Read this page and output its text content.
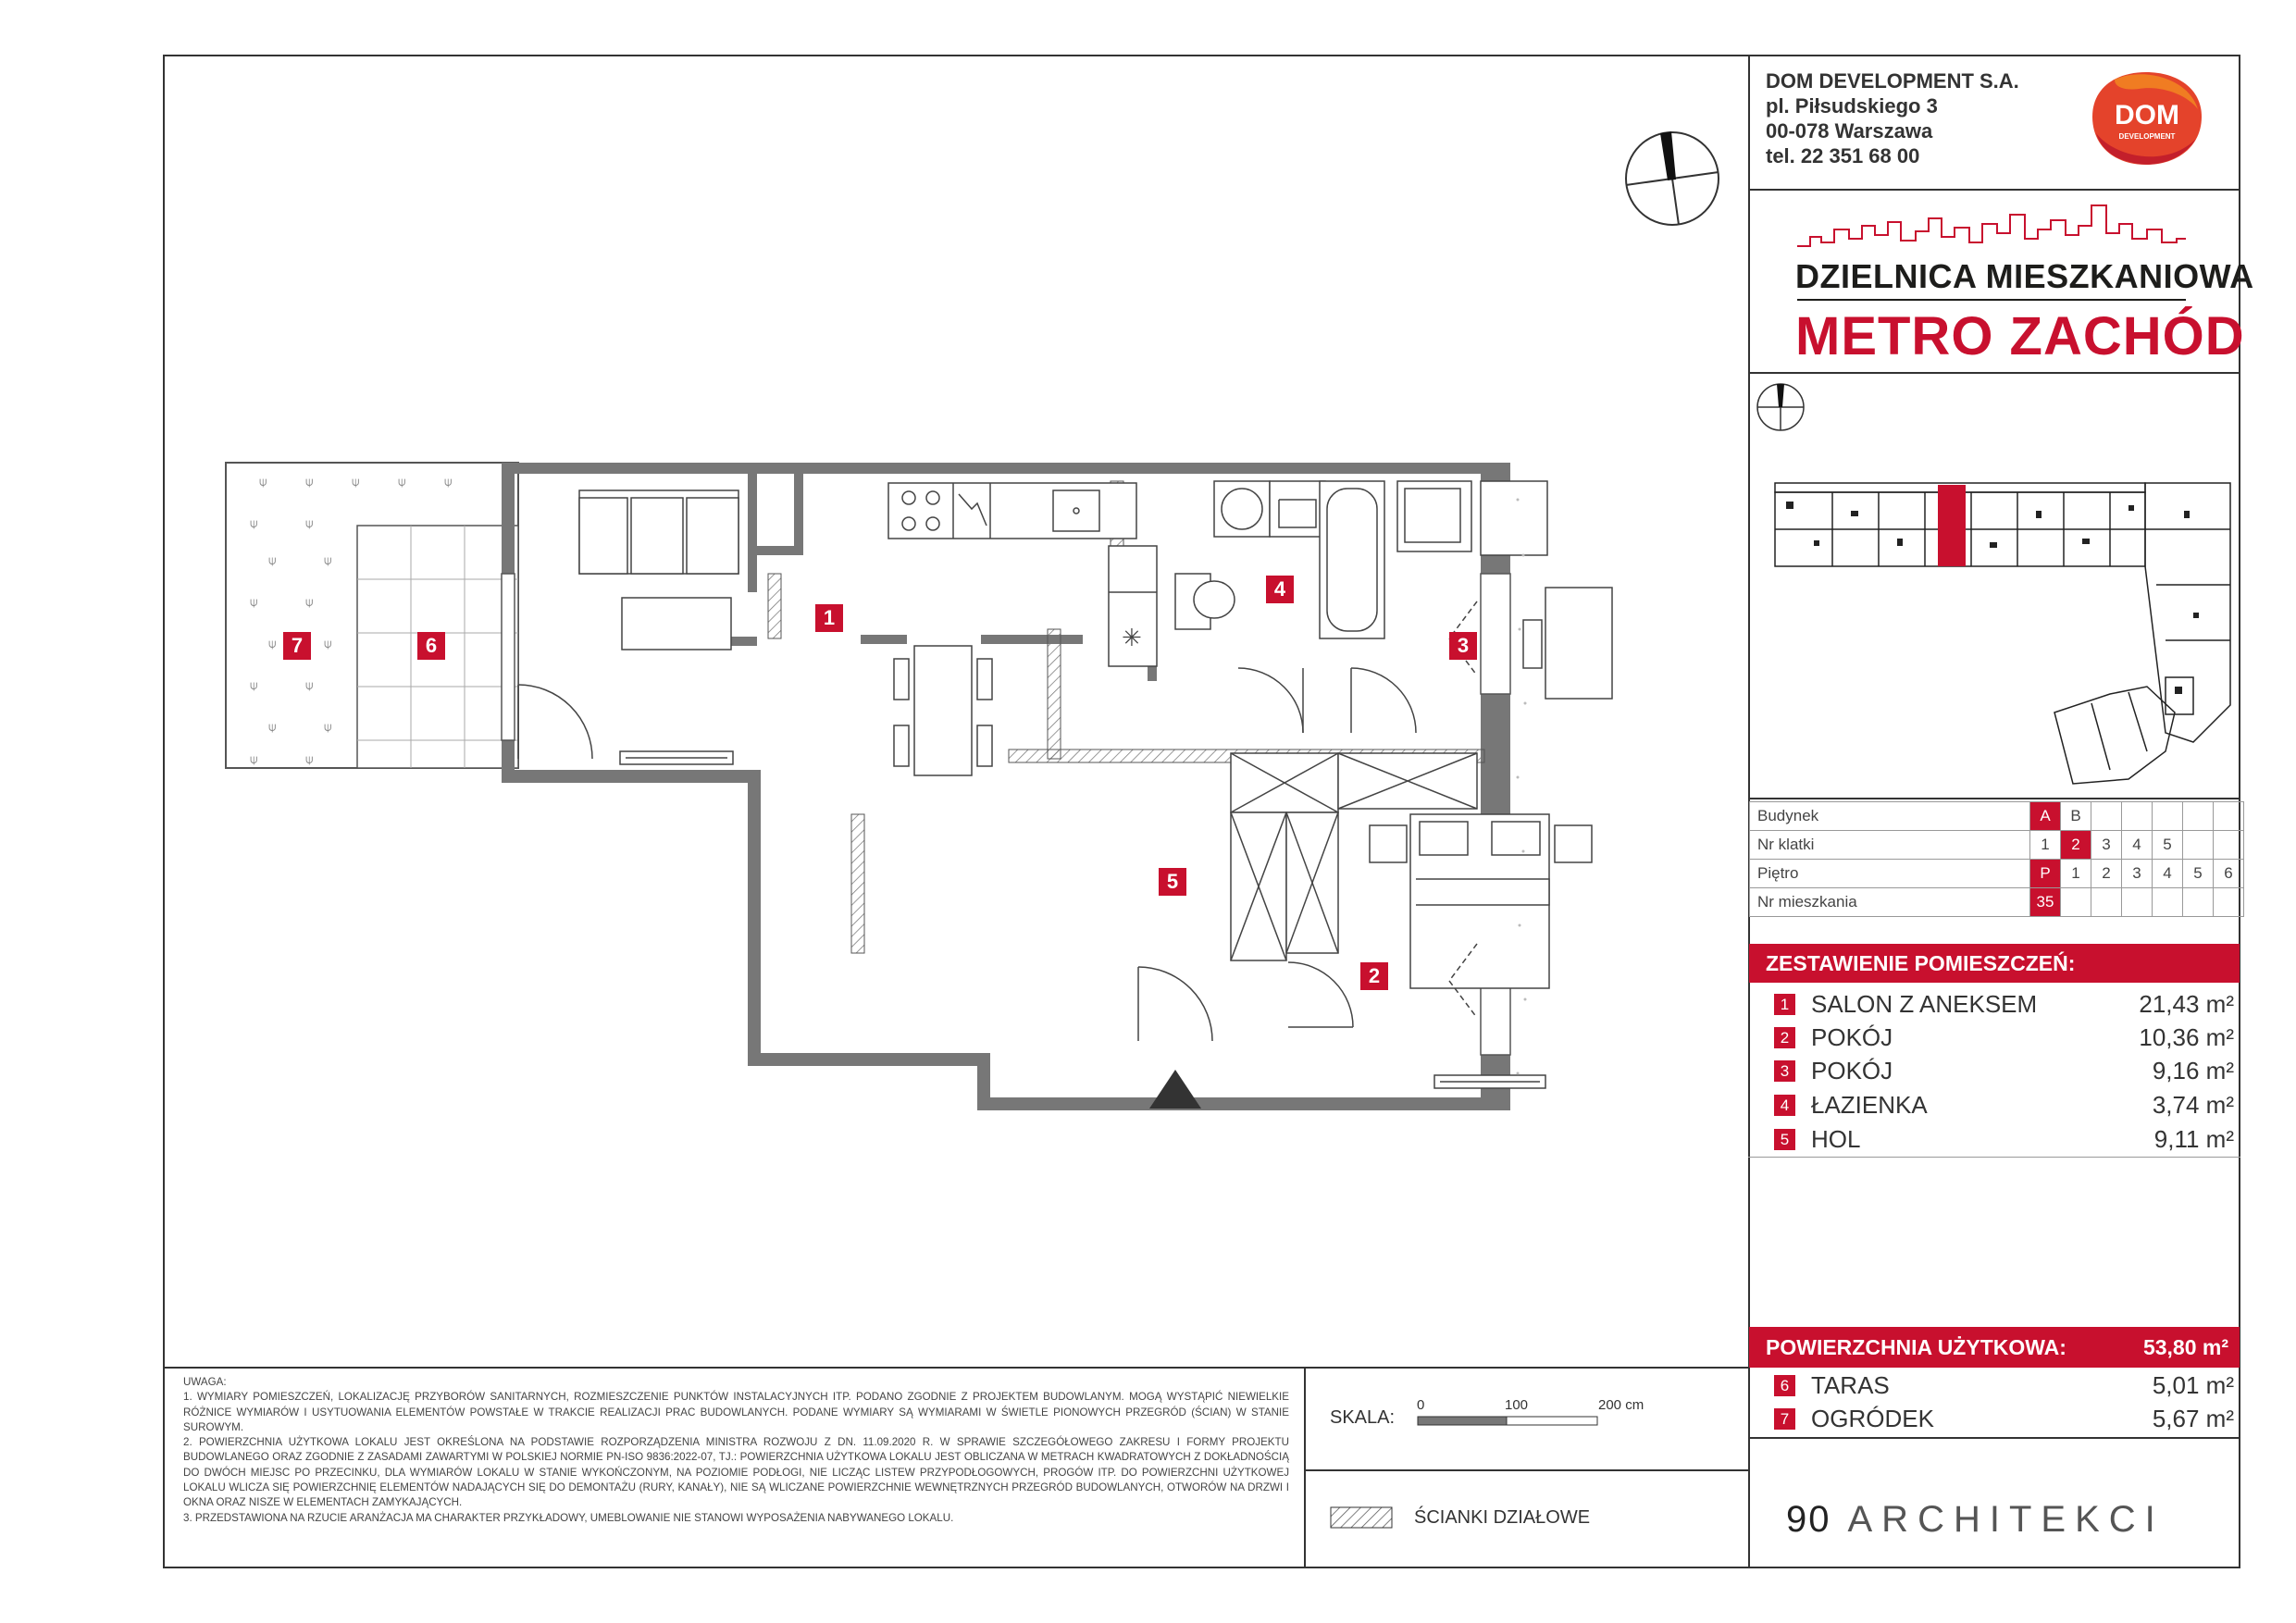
DOM DEVELOPMENT S.A.
pl. Piłsudskiego 3
00-078 Warszawa
tel. 22 351 68 00
DOM
DEVELOPMENT
DZIELNICA MIESZKANIOWA
METRO ZACHÓD
Budynek	A	B					
Nr klatki	1	2	3	4	5		
Piętro	P	1	2	3	4	5	6
Nr mieszkania	35						
ZESTAWIENIE POMIESZCZEŃ:
1 SALON Z ANEKSEM	21,43 m²
2 POKÓJ	10,36 m²
3 POKÓJ	9,16 m²
4 ŁAZIENKA	3,74 m²
5 HOL	9,11 m²
POWIERZCHNIA UŻYTKOWA:	53,80 m²
6 TARAS	5,01 m²
7 OGRÓDEK	5,67 m²
UWAGA:
1. WYMIARY POMIESZCZEŃ, LOKALIZACJĘ PRZYBORÓW SANITARNYCH, ROZMIESZCZENIE PUNKTÓW INSTALACYJNYCH ITP. PODANO ZGODNIE Z PROJEKTEM BUDOWLANYM. MOGĄ WYSTĄPIĆ NIEWIELKIE RÓŻNICE WYMIARÓW I USYTUOWANIA ELEMENTÓW POWSTAŁE W TRAKCIE REALIZACJI PRAC BUDOWLANYCH. PODANE WYMIARY SĄ WYMIARAMI W ŚWIETLE PIONOWYCH PRZEGRÓD (ŚCIAN) W STANIE SUROWYM.
2. POWIERZCHNIA UŻYTKOWA LOKALU JEST OKREŚLONA NA PODSTAWIE ROZPORZĄDZENIA MINISTRA ROZWOJU Z DN. 11.09.2020 R. W SPRAWIE SZCZEGÓŁOWEGO ZAKRESU I FORMY PROJEKTU BUDOWLANEGO ORAZ ZGODNIE Z ZASADAMI ZAWARTYMI W POLSKIEJ NORMIE PN-ISO 9836:2022-07, TJ.: POWIERZCHNIA UŻYTKOWA LOKALU JEST OBLICZANA W METRACH KWADRATOWYCH Z DOKŁADNOŚCIĄ DO DWÓCH MIEJSC PO PRZECINKU, DLA WYMIARÓW LOKALU W STANIE WYKOŃCZONYM, NA POZIOMIE PODŁOGI, NIE LICZĄC LISTEW PRZYPODŁOGOWYCH, PROGÓW ITP. DO POWIERZCHNI UŻYTKOWEJ LOKALU WLICZA SIĘ POWIERZCHNIĘ ELEMENTÓW NADAJĄCYCH SIĘ DO DEMONTAŻU (RURY, KANAŁY), NIE SĄ WLICZANE POWIERZCHNIE WEWNĘTRZNYCH PRZEGRÓD BUDOWLANYCH, OTWORÓW NA DRZWI I OKNA ORAZ NISZE W ELEMENTACH ZAMYKAJĄCYCH.
3. PRZEDSTAWIONA NA RZUCIE ARANŻACJA MA CHARAKTER PRZYKŁADOWY, UMEBLOWANIE NIE STANOWI WYPOSAŻENIA NABYWANEGO LOKALU.
SKALA:
0	100	200 cm
ŚCIANKI DZIAŁOWE	90 ARCHITEKCI
⍦	⍦	⍦	⍦	⍦
⍦	⍦
⍦	⍦
⍦	⍦
⍦	⍦
⍦	⍦
⍦	⍦
⍦	⍦
✳
1
2
3
4
5
6
7
